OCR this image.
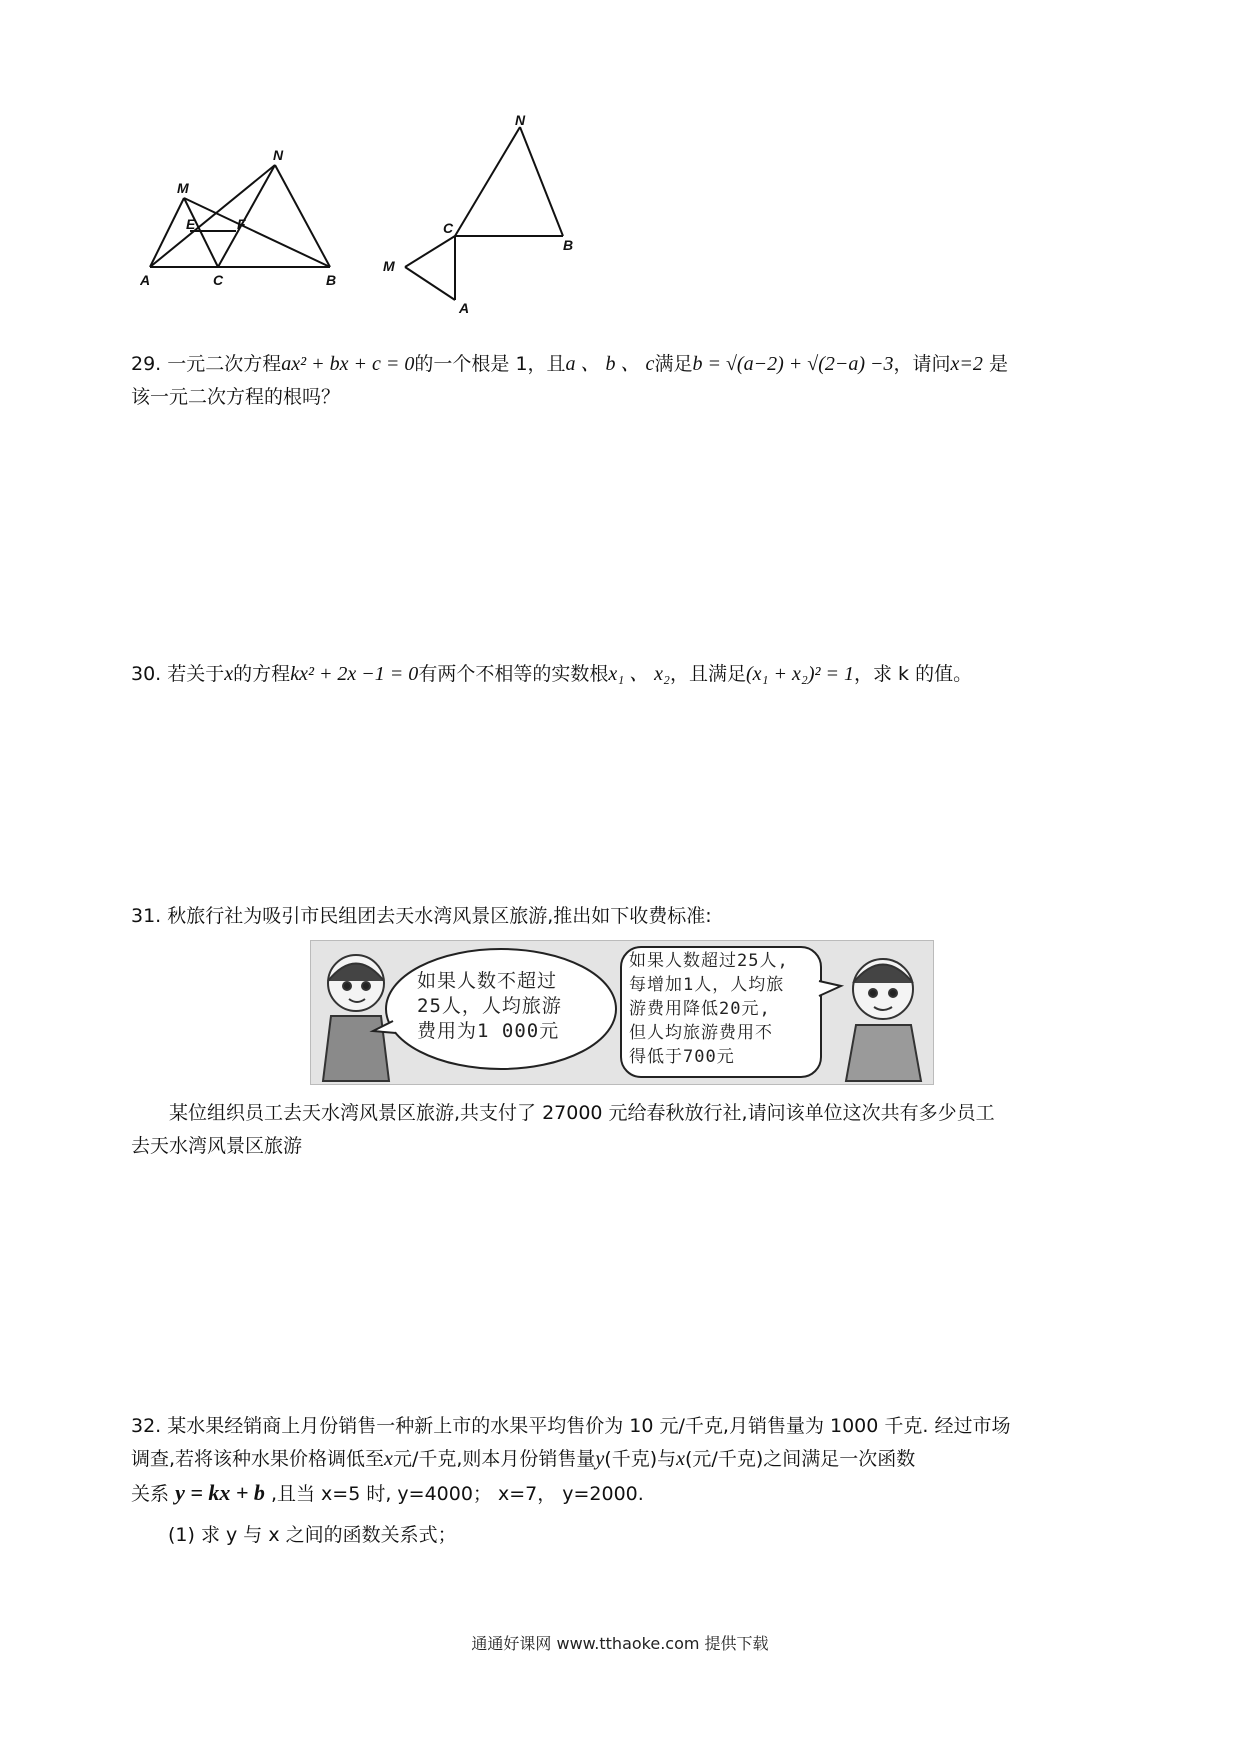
M
N
E	F
A	C	B
N
C
B
M
A
29. 一元二次方程ax² + bx + c = 0的一个根是 1，且a 、 b 、 c满足b = √(a−2) + √(2−a) −3，请问x=2 是
该一元二次方程的根吗？
30. 若关于x的方程kx² + 2x −1 = 0有两个不相等的实数根x₁ 、 x₂，且满足(x₁ + x₂)² = 1，求 k 的值。
31. 秋旅行社为吸引市民组团去天水湾风景区旅游,推出如下收费标准:
如果人数不超过
25人，人均旅游
费用为1 000元
如果人数超过25人,
每增加1人，人均旅
游费用降低20元,
但人均旅游费用不
得低于700元
某位组织员工去天水湾风景区旅游,共支付了 27000 元给春秋放行社,请问该单位这次共有多少员工
去天水湾风景区旅游
32. 某水果经销商上月份销售一种新上市的水果平均售价为 10 元/千克,月销售量为 1000 千克. 经过市场
调查,若将该种水果价格调低至x元/千克,则本月份销售量y(千克)与x(元/千克)之间满足一次函数
关系 y = kx + b ,且当 x=5 时, y=4000； x=7， y=2000.
(1) 求 y 与 x 之间的函数关系式；
通通好课网 www.tthaoke.com 提供下载
